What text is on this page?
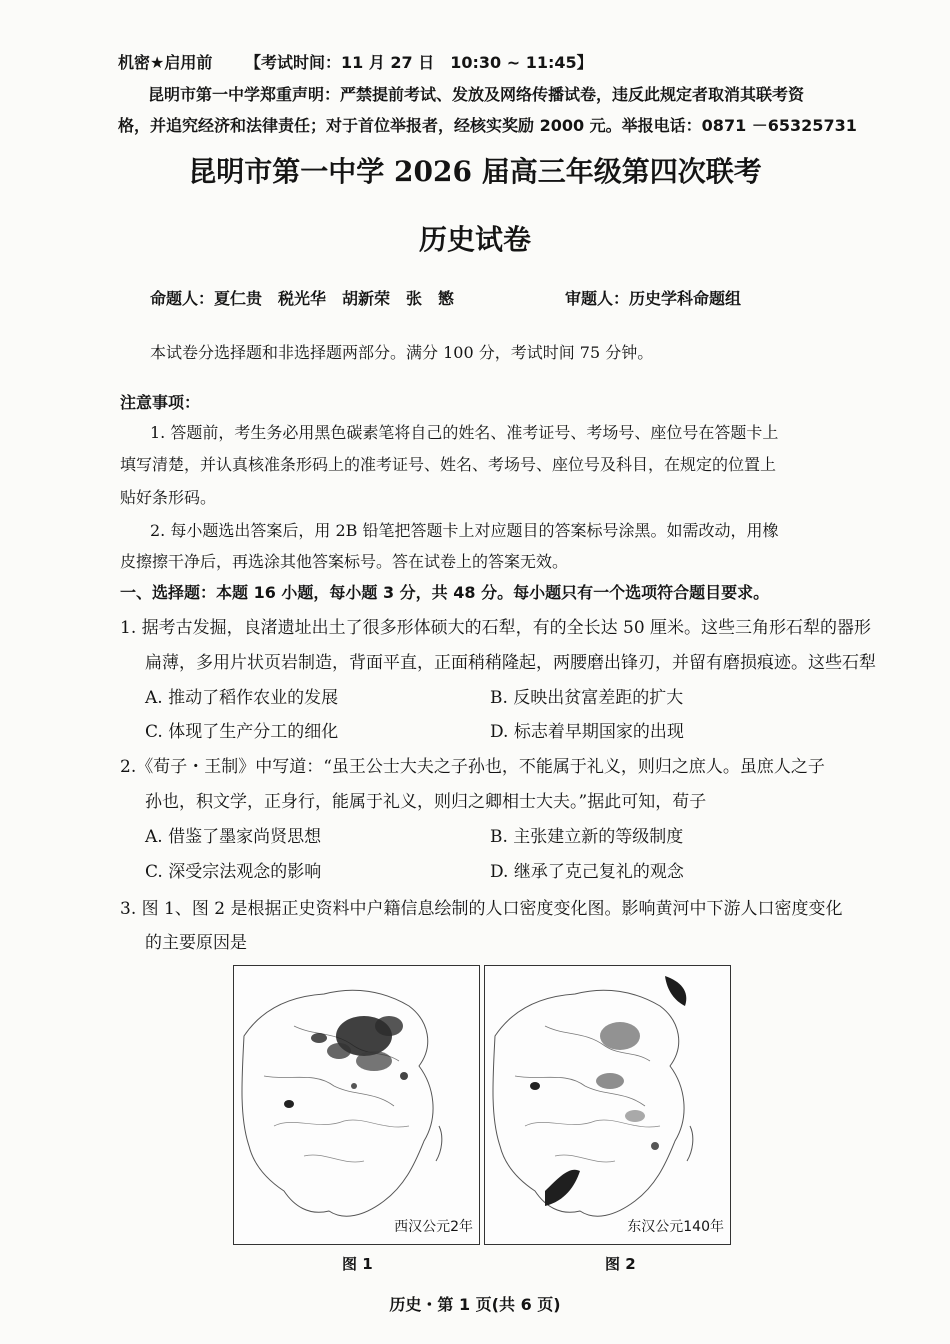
机密★启用前 【考试时间：11 月 27 日　10:30 ~ 11:45】
昆明市第一中学郑重声明：严禁提前考试、发放及网络传播试卷，违反此规定者取消其联考资
格，并追究经济和法律责任；对于首位举报者，经核实奖励 2000 元。举报电话：0871 －65325731
昆明市第一中学 2026 届高三年级第四次联考
历史试卷
命题人：夏仁贵　税光华　胡新荣　张　慜	审题人：历史学科命题组
本试卷分选择题和非选择题两部分。满分 100 分，考试时间 75 分钟。
注意事项：
1. 答题前，考生务必用黑色碳素笔将自己的姓名、准考证号、考场号、座位号在答题卡上
填写清楚，并认真核准条形码上的准考证号、姓名、考场号、座位号及科目，在规定的位置上
贴好条形码。
2. 每小题选出答案后，用 2B 铅笔把答题卡上对应题目的答案标号涂黑。如需改动，用橡
皮擦擦干净后，再选涂其他答案标号。答在试卷上的答案无效。
一、选择题：本题 16 小题，每小题 3 分，共 48 分。每小题只有一个选项符合题目要求。
1. 据考古发掘，良渚遗址出土了很多形体硕大的石犁，有的全长达 50 厘米。这些三角形石犁的器形
扁薄，多用片状页岩制造，背面平直，正面稍稍隆起，两腰磨出锋刃，并留有磨损痕迹。这些石犁
A. 推动了稻作农业的发展	B. 反映出贫富差距的扩大
C. 体现了生产分工的细化	D. 标志着早期国家的出现
2.《荀子・王制》中写道：“虽王公士大夫之子孙也，不能属于礼义，则归之庶人。虽庶人之子
孙也，积文学，正身行，能属于礼义，则归之卿相士大夫。”据此可知，荀子
A. 借鉴了墨家尚贤思想	B. 主张建立新的等级制度
C. 深受宗法观念的影响	D. 继承了克己复礼的观念
3. 图 1、图 2 是根据正史资料中户籍信息绘制的人口密度变化图。影响黄河中下游人口密度变化
的主要原因是
西汉公元2年	东汉公元140年
图 1	图 2
历史・第 1 页(共 6 页)
